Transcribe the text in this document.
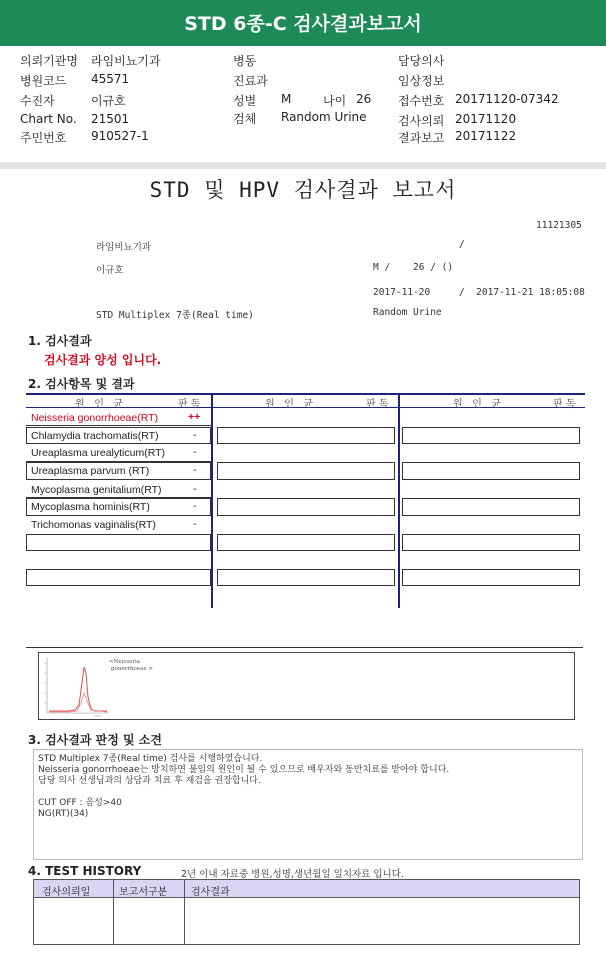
STD 6종-C 검사결과보고서
의뢰기관명 라임비뇨기과
병원코드 45571
수진자	이규호
Chart No. 21501
주민번호 910527-1
병동
진료과
성별 M	나이 26
검체 Random Urine
담당의사
임상정보
접수번호 20171120-07342
검사의뢰 20171120
결과보고 20171122
STD 및 HPV 검사결과 보고서
11121305
라임비뇨기과	/
이규호	M /    26 / ()
2017-11-20	/  2017-11-21 18:05:08
STD Multiplex 7종(Real time)	Random Urine
1. 검사결과
검사결과 양성 입니다.
2. 검사항목 및 결과
원   인   균	판 독	원   인   균	판 독	원   인   균	판 독
Neisseria gonorrhoeae(RT)	++
Chlamydia trachomatis(RT)	-
Ureaplasma urealyticum(RT)	-
Ureaplasma parvum (RT)	-
Mycoplasma genitalium(RT)	-
Mycoplasma hominis(RT)	-
Trichomonas vaginalis(RT)	-
<Neisseria
gonorrhoeae >
3. 검사결과 판정 및 소견
STD Multiplex 7종(Real time) 검사를 시행하였습니다.
Neisseria gonorrhoeae는 방치하면 불임의 원인이 될 수 있으므로 배우자와 동반치료를 받아야 합니다.
담당 의사 선생님과의 상담과 치료 후 재검을 권장합니다.
CUT OFF : 음성>40
NG(RT)(34)
4. TEST HISTORY	2년 이내 자료중 병원,성명,생년월일 일치자료 입니다.
검사의뢰일	보고서구분 검사결과
